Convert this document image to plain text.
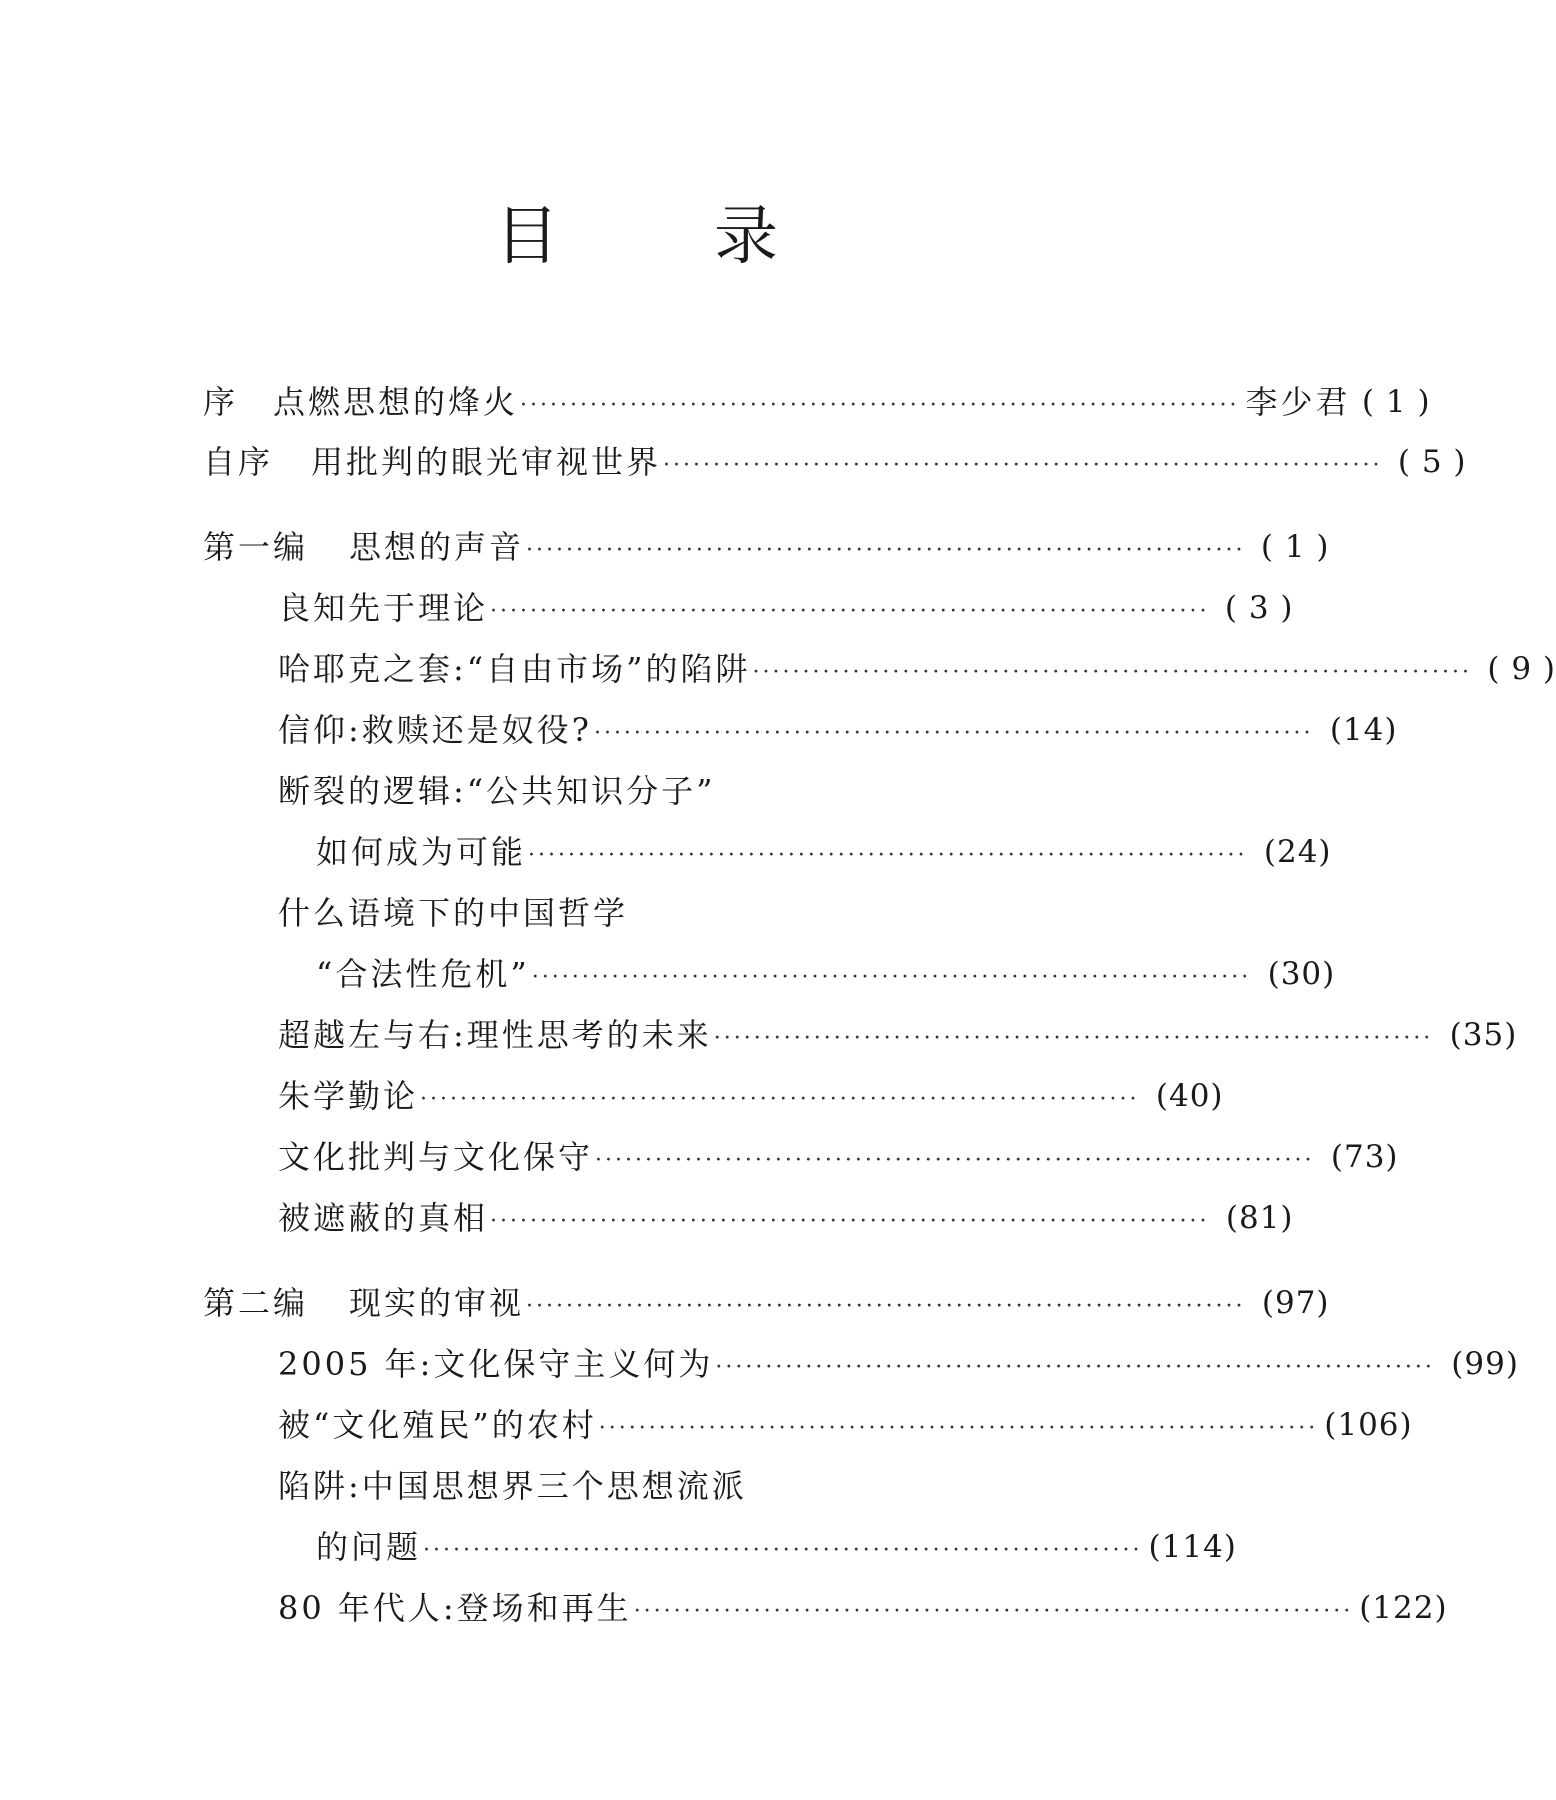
目 录
序	点燃思想的烽火 ········································································ 李少君 ( 1 )
自序	用批判的眼光审视世界 ········································································ ( 5 )
第一编	思想的声音 ········································································ ( 1 )
良知先于理论 ········································································ ( 3 )
哈耶克之套:“自由市场”的陷阱 ········································································ ( 9 )
信仰:救赎还是奴役? ········································································ (14)
断裂的逻辑:“公共知识分子”
如何成为可能 ········································································ (24)
什么语境下的中国哲学
“合法性危机” ········································································ (30)
超越左与右:理性思考的未来 ········································································ (35)
朱学勤论 ········································································ (40)
文化批判与文化保守 ········································································ (73)
被遮蔽的真相 ········································································ (81)
第二编	现实的审视 ········································································ (97)
2005 年:文化保守主义何为 ········································································ (99)
被“文化殖民”的农村 ········································································ (106)
陷阱:中国思想界三个思想流派
的问题 ········································································ (114)
80 年代人:登场和再生 ········································································ (122)
